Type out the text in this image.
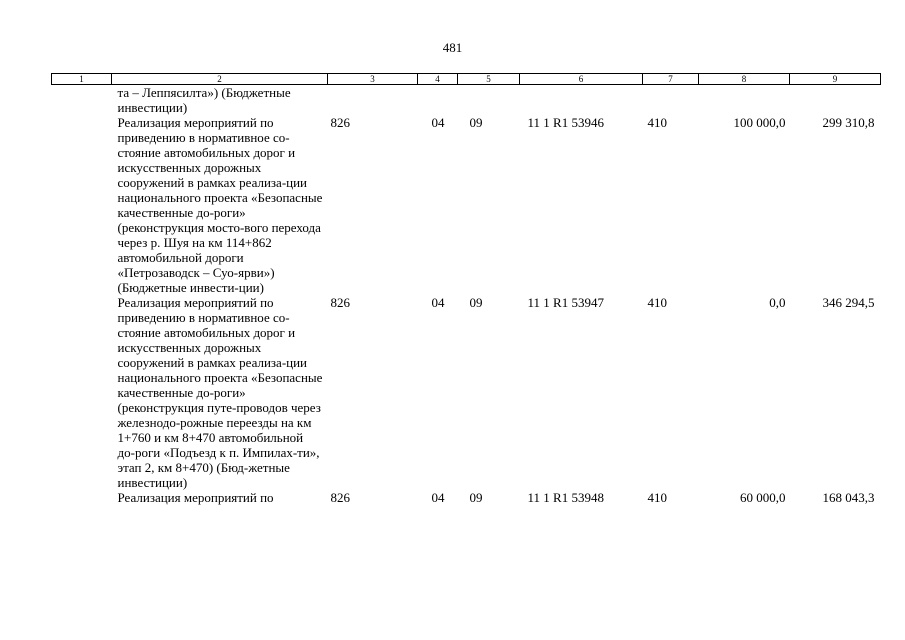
481
1	2	3	4	5	6	7	8	9
	та – Леппясилта») (Бюджетные инвестиции)							
	Реализация мероприятий по приведению в нормативное со-стояние автомобильных дорог и искусственных дорожных сооружений в рамках реализа-ции национального проекта «Безопасные качественные до-роги» (реконструкция мосто-вого перехода через р. Шуя на км 114+862 автомобильной дороги «Петрозаводск – Суо-ярви») (Бюджетные инвести-ции)	826	04	09	11 1 R1 53946	410	100 000,0	299 310,8
	Реализация мероприятий по приведению в нормативное со-стояние автомобильных дорог и искусственных дорожных сооружений в рамках реализа-ции национального проекта «Безопасные качественные до-роги» (реконструкция путе-проводов через железнодо-рожные переезды на км 1+760 и км 8+470 автомобильной до-роги «Подъезд к п. Импилах-ти», этап 2, км 8+470) (Бюд-жетные инвестиции)	826	04	09	11 1 R1 53947	410	0,0	346 294,5
	Реализация мероприятий по	826	04	09	11 1 R1 53948	410	60 000,0	168 043,3
